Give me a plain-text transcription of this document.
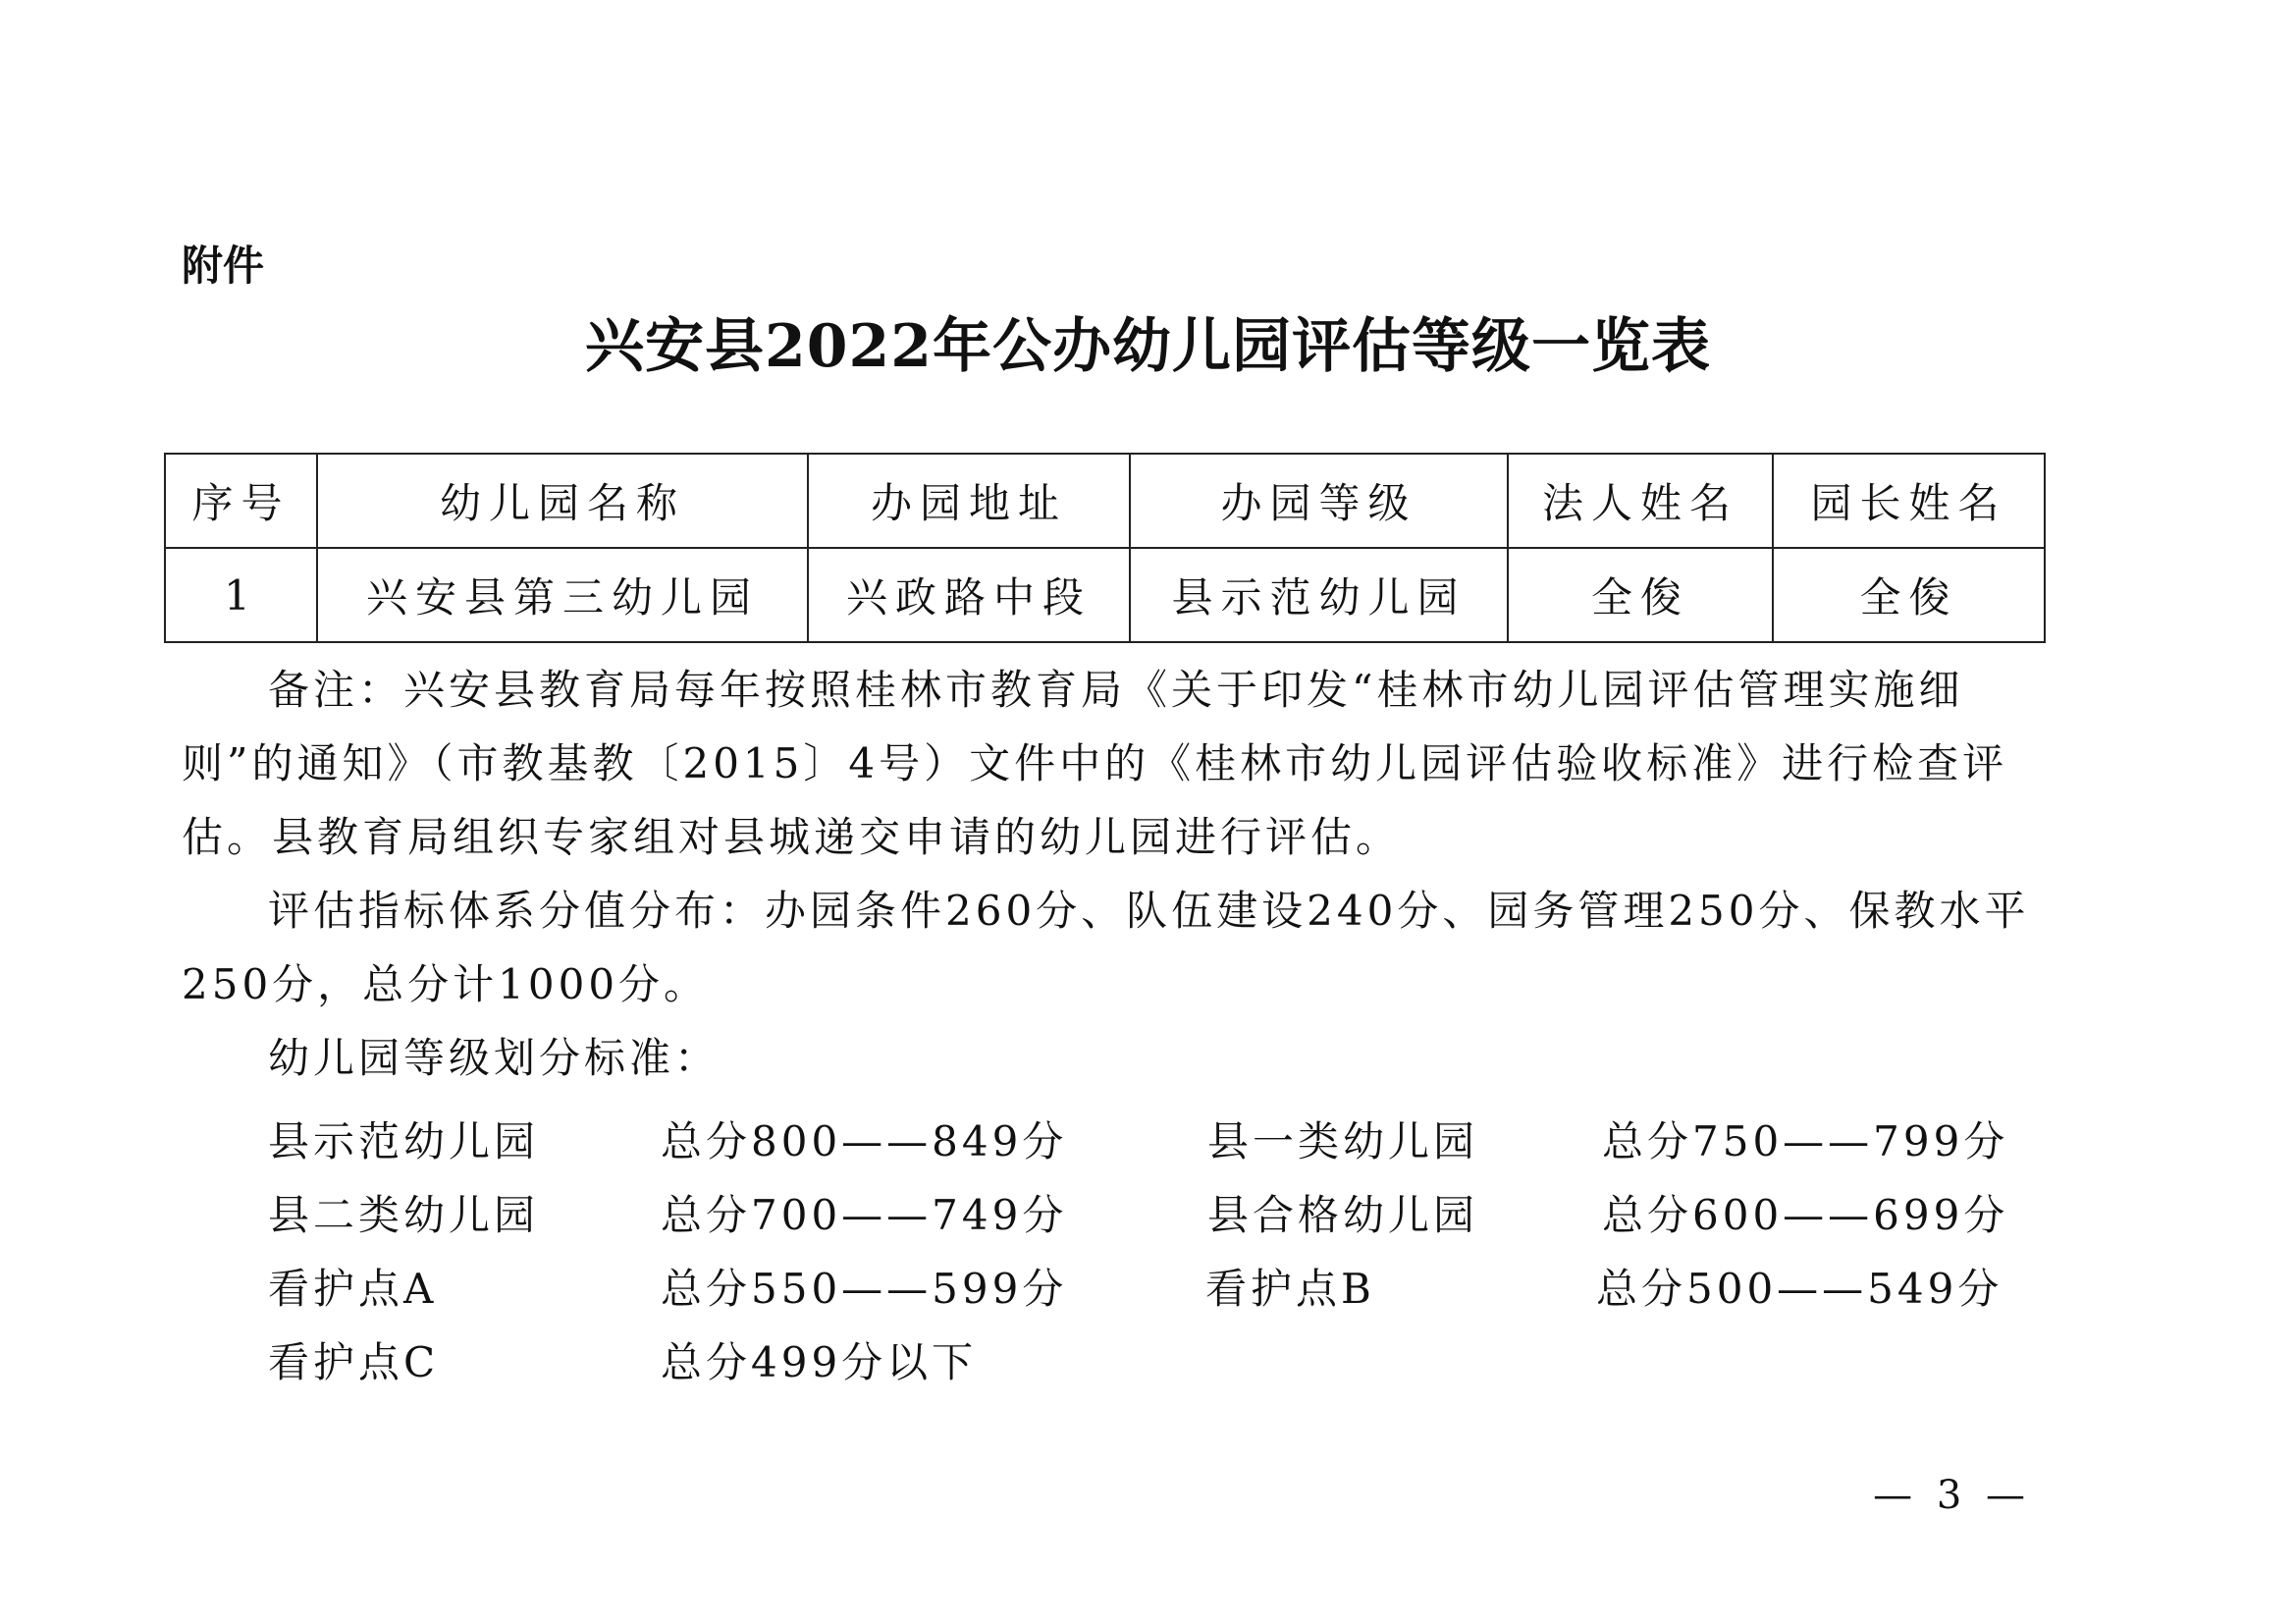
附件
兴安县2022年公办幼儿园评估等级一览表
序号	幼儿园名称	办园地址	办园等级	法人姓名	园长姓名
1	兴安县第三幼儿园	兴政路中段	县示范幼儿园	全俊	全俊
备注：兴安县教育局每年按照桂林市教育局《关于印发“桂林市幼儿园评估管理实施细则”的通知》（市教基教〔2015〕4号）文件中的《桂林市幼儿园评估验收标准》进行检查评估。县教育局组织专家组对县城递交申请的幼儿园进行评估。
评估指标体系分值分布：办园条件260分、队伍建设240分、园务管理250分、保教水平250分，总分计1000分。
幼儿园等级划分标准：
县示范幼儿园	总分800——849分	县一类幼儿园	总分750——799分
县二类幼儿园	总分700——749分	县合格幼儿园	总分600——699分
看护点A	总分550——599分	看护点B	总分500——549分
看护点C	总分499分以下
— 3 —
